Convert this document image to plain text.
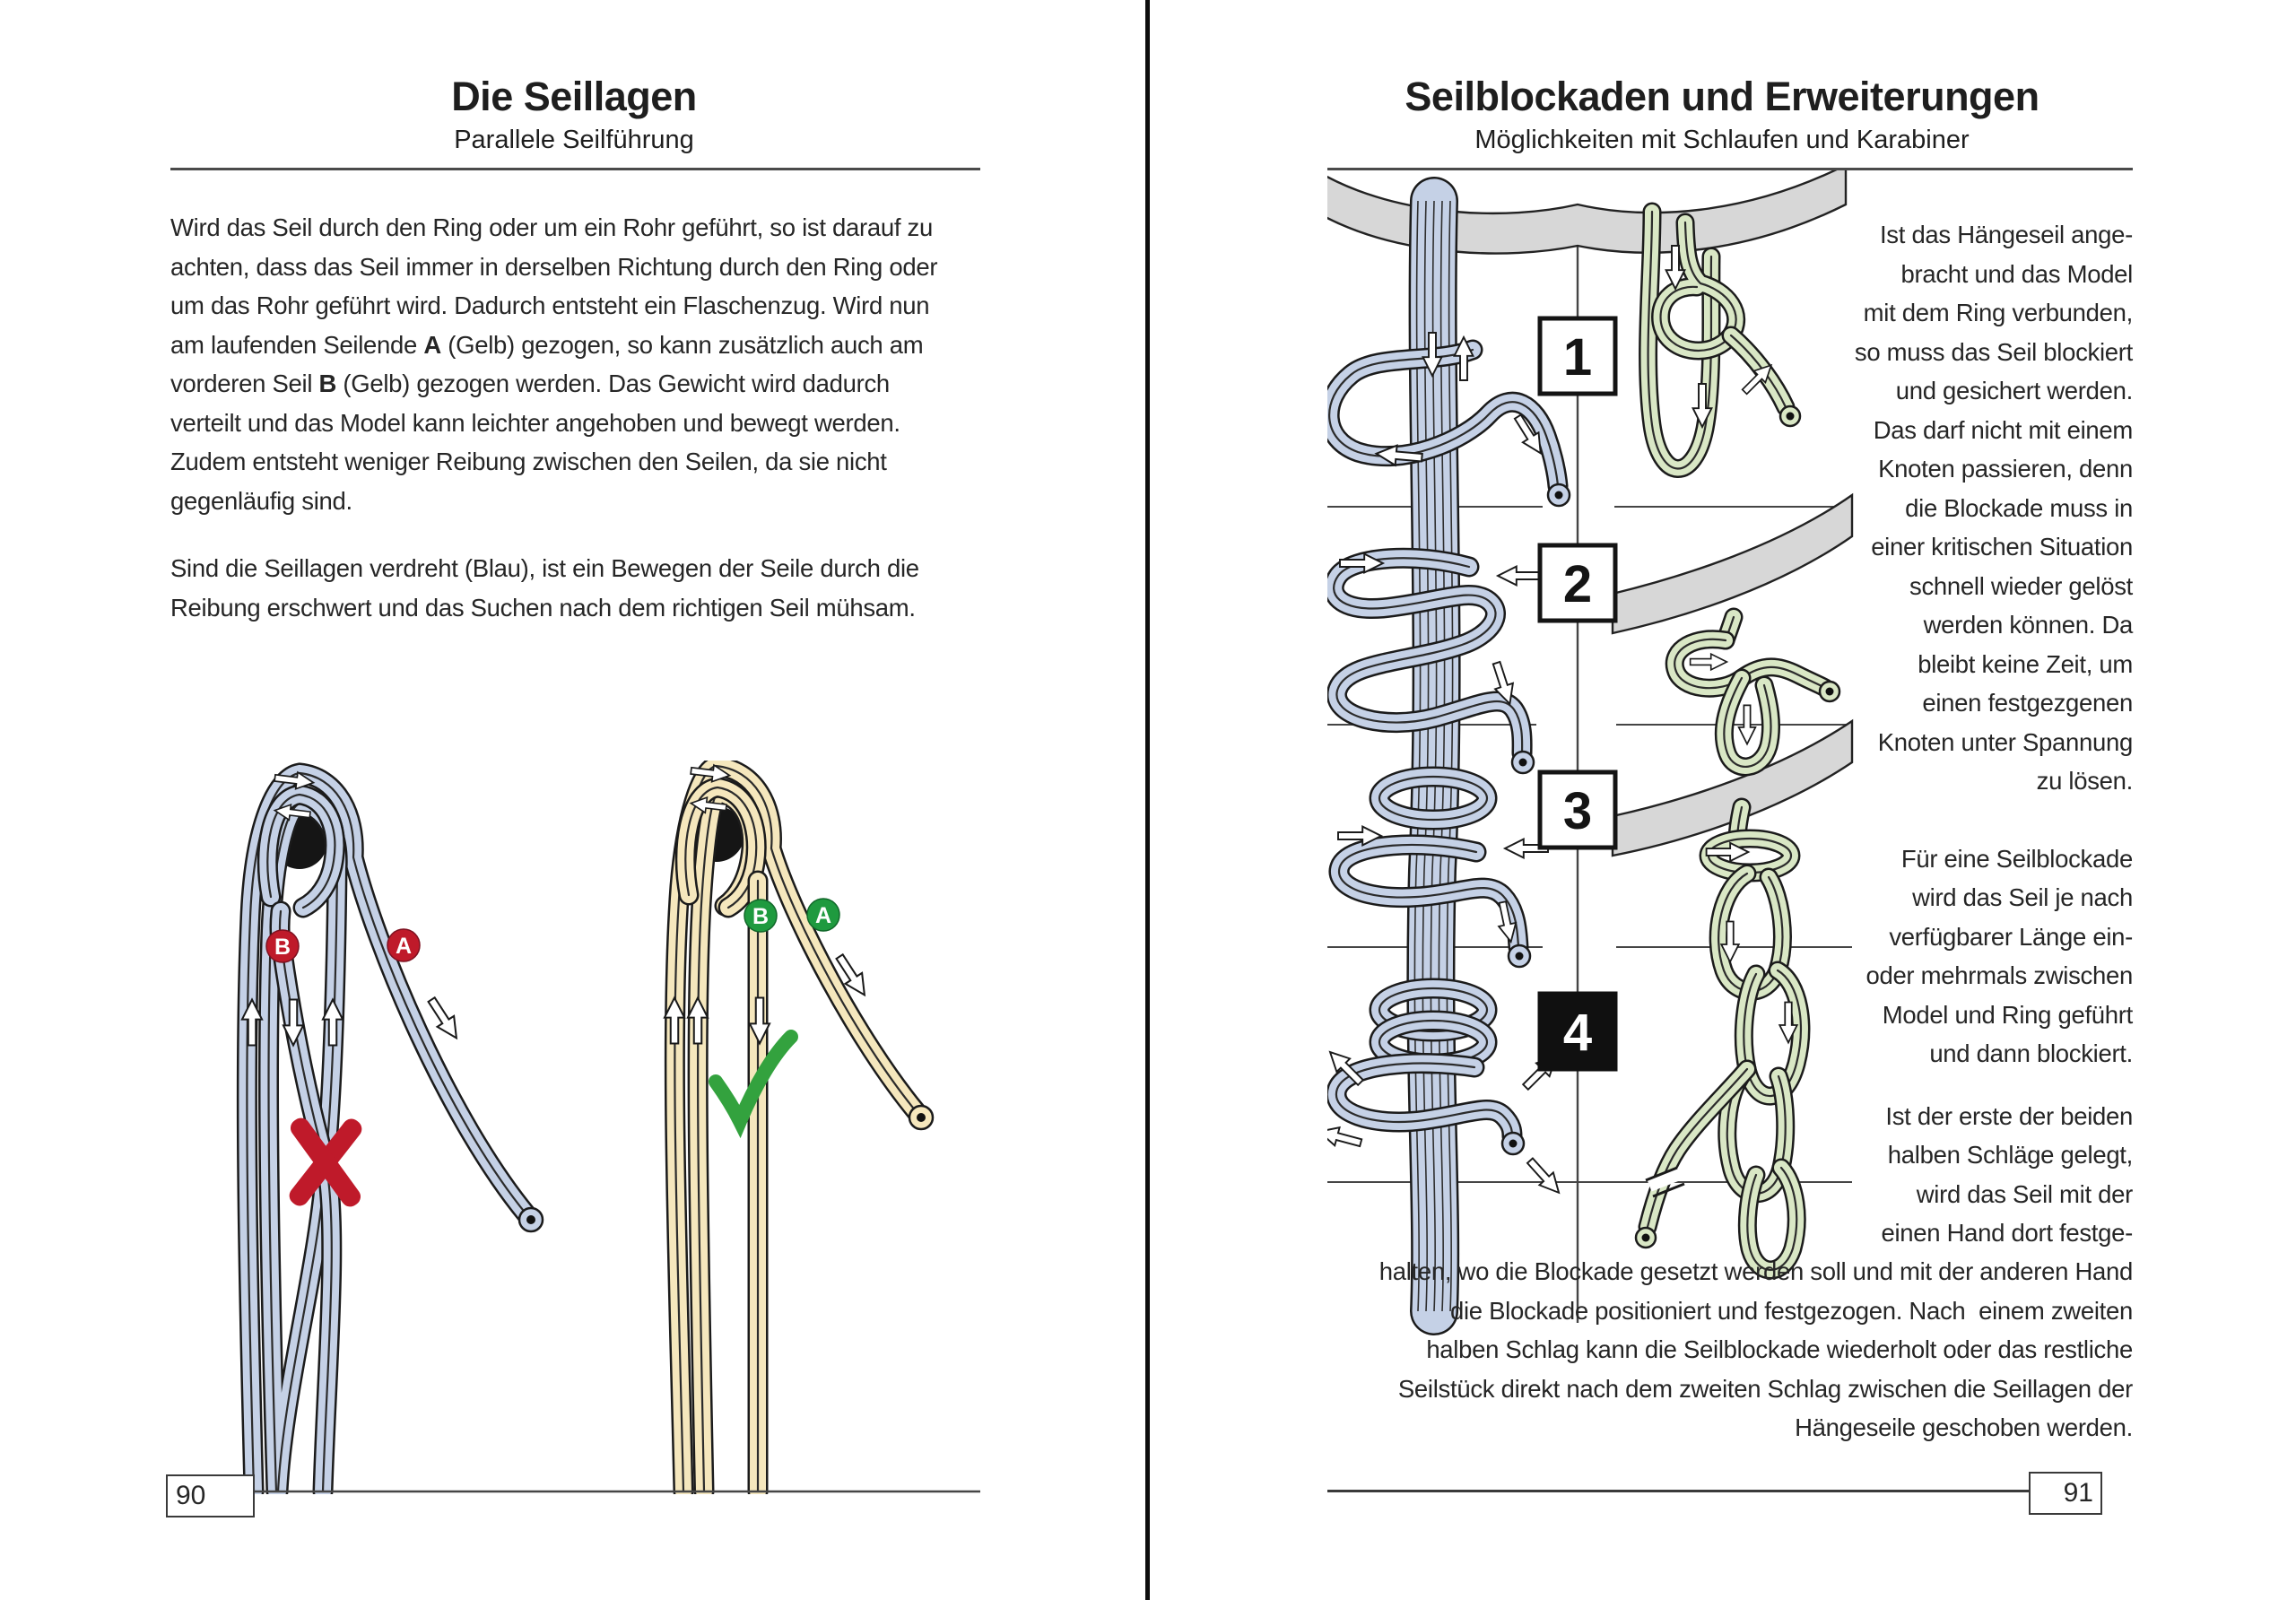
Die Seillagen
Parallele Seilführung
Wird das Seil durch den Ring oder um ein Rohr geführt, so ist darauf zu
achten, dass das Seil immer in derselben Richtung durch den Ring oder
um das Rohr geführt wird. Dadurch entsteht ein Flaschenzug. Wird nun
am laufenden Seilende A (Gelb) gezogen, so kann zusätzlich auch am
vorderen Seil B (Gelb) gezogen werden. Das Gewicht wird dadurch
verteilt und das Model kann leichter angehoben und bewegt werden.
Zudem entsteht weniger Reibung zwischen den Seilen, da sie nicht
gegenläufig sind.
Sind die Seillagen verdreht (Blau), ist ein Bewegen der Seile durch die
Reibung erschwert und das Suchen nach dem richtigen Seil mühsam.
B	A
B A
90
Seilblockaden und Erweiterungen
Möglichkeiten mit Schlaufen und Karabiner
1
2
3
4
Ist das Hängeseil ange-
bracht und das Model
mit dem Ring verbunden,
so muss das Seil blockiert
und gesichert werden.
Das darf nicht mit einem
Knoten passieren, denn
die Blockade muss in
einer kritischen Situation
schnell wieder gelöst
werden können. Da
bleibt keine Zeit, um
einen festgezgenen
Knoten unter Spannung
zu lösen.
Für eine Seilblockade
wird das Seil je nach
verfügbarer Länge ein-
oder mehrmals zwischen
Model und Ring geführt
und dann blockiert.
Ist der erste der beiden
halben Schläge gelegt,
wird das Seil mit der
einen Hand dort festge-
halten, wo die Blockade gesetzt werden soll und mit der anderen Hand
die Blockade positioniert und festgezogen. Nach  einem zweiten
halben Schlag kann die Seilblockade wiederholt oder das restliche
Seilstück direkt nach dem zweiten Schlag zwischen die Seillagen der
Hängeseile geschoben werden.
91
